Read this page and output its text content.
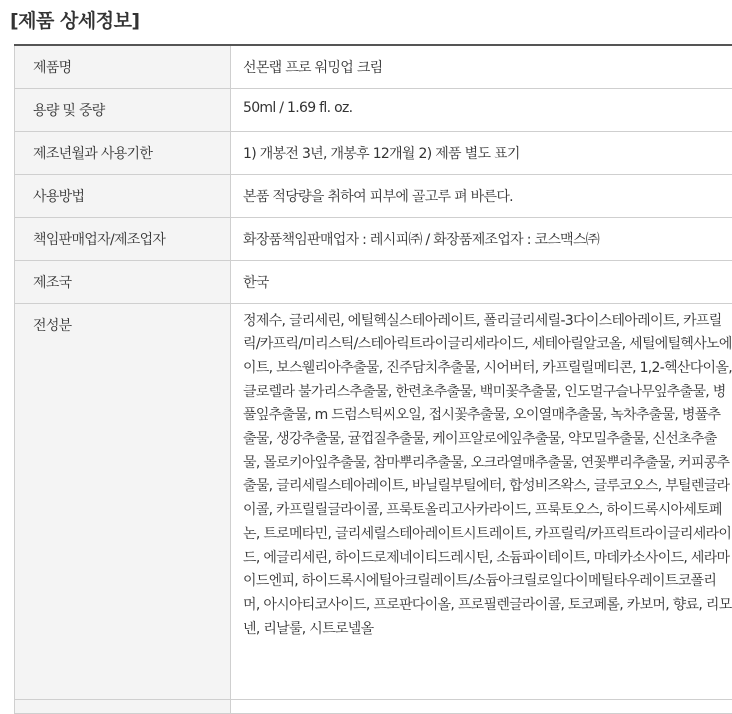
[제품 상세정보]
제품명	선몬랩 프로 워밍업 크림
용량 및 중량	50ml / 1.69 fl. oz.
제조년월과 사용기한	1) 개봉전 3년, 개봉후 12개월 2) 제품 별도 표기
사용방법	본품 적당량을 취하여 피부에 골고루 펴 바른다.
책임판매업자/제조업자	화장품책임판매업자 : 레시피㈜ / 화장품제조업자 : 코스맥스㈜
제조국	한국
전성분	정제수, 글리세린, 에틸헥실스테아레이트, 폴리글리세릴-3다이스테아레이트, 카프릴릭/카프릭/미리스틱/스테아릭트라이글리세라이드, 세테아릴알코올, 세틸에틸헥사노에이트, 보스웰리아추출물, 진주담치추출물, 시어버터, 카프릴릴메티콘, 1,2-헥산다이올, 클로렐라 불가리스추출물, 한련초추출물, 백미꽃추출물, 인도멀구슬나무잎추출물, 병풀잎추출물, m 드럼스틱씨오일, 접시꽃추출물, 오이열매추출물, 녹차추출물, 병풀추출물, 생강추출물, 귤껍질추출물, 케이프알로에잎추출물, 약모밀추출물, 신선초추출물, 몰로키아잎추출물, 참마뿌리추출물, 오크라열매추출물, 연꽃뿌리추출물, 커피콩추출물, 글리세릴스테아레이트, 바닐릴부틸에터, 합성비즈왁스, 글루코오스, 부틸렌글라이콜, 카프릴릴글라이콜, 프룩토올리고사카라이드, 프룩토오스, 하이드록시아세토페논, 트로메타민, 글리세릴스테아레이트시트레이트, 카프릴릭/카프릭트라이글리세라이드, 에글리세린, 하이드로제네이티드레시틴, 소듐파이테이트, 마데카소사이드, 세라마이드엔피, 하이드록시에틸아크릴레이트/소듐아크릴로일다이메틸타우레이트코폴리머, 아시아티코사이드, 프로판다이올, 프로필렌글라이콜, 토코페롤, 카보머, 향료, 리모넨, 리날룰, 시트로넬올
